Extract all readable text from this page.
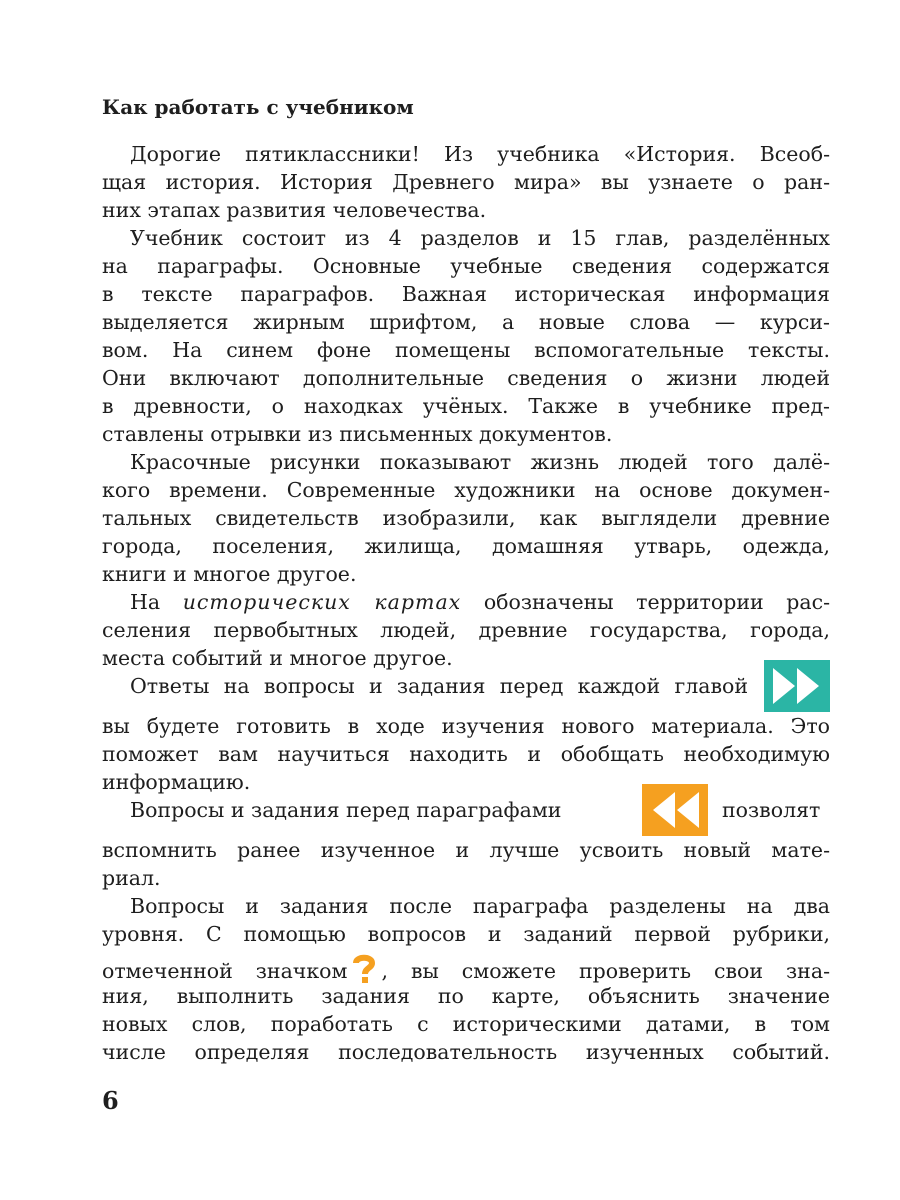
Как работать с учебником
Дорогие пятиклассники! Из учебника «История. Всеоб-
щая история. История Древнего мира» вы узнаете о ран-
них этапах развития человечества.
Учебник состоит из 4 разделов и 15 глав, разделённых
на параграфы. Основные учебные сведения содержатся
в тексте параграфов. Важная историческая информация
выделяется жирным шрифтом, а новые слова — курси-
вом. На синем фоне помещены вспомогательные тексты.
Они включают дополнительные сведения о жизни людей
в древности, о находках учёных. Также в учебнике пред-
ставлены отрывки из письменных документов.
Красочные рисунки показывают жизнь людей того далё-
кого времени. Современные художники на основе докумен-
тальных свидетельств изобразили, как выглядели древние
города, поселения, жилища, домашняя утварь, одежда,
книги и многое другое.
На исторических картах обозначены территории рас-
селения первобытных людей, древние государства, города,
места событий и многое другое.
Ответы на вопросы и задания перед каждой главой
вы будете готовить в ходе изучения нового материала. Это
поможет вам научиться находить и обобщать необходимую
информацию.
Вопросы и задания перед параграфами	позволят
вспомнить ранее изученное и лучше усвоить новый мате-
риал.
Вопросы и задания после параграфа разделены на два
уровня. С помощью вопросов и заданий первой рубрики,
отмеченной значком , вы сможете проверить свои зна-
ния, выполнить задания по карте, объяснить значение
новых слов, поработать с историческими датами, в том
числе определяя последовательность изученных событий.
6
